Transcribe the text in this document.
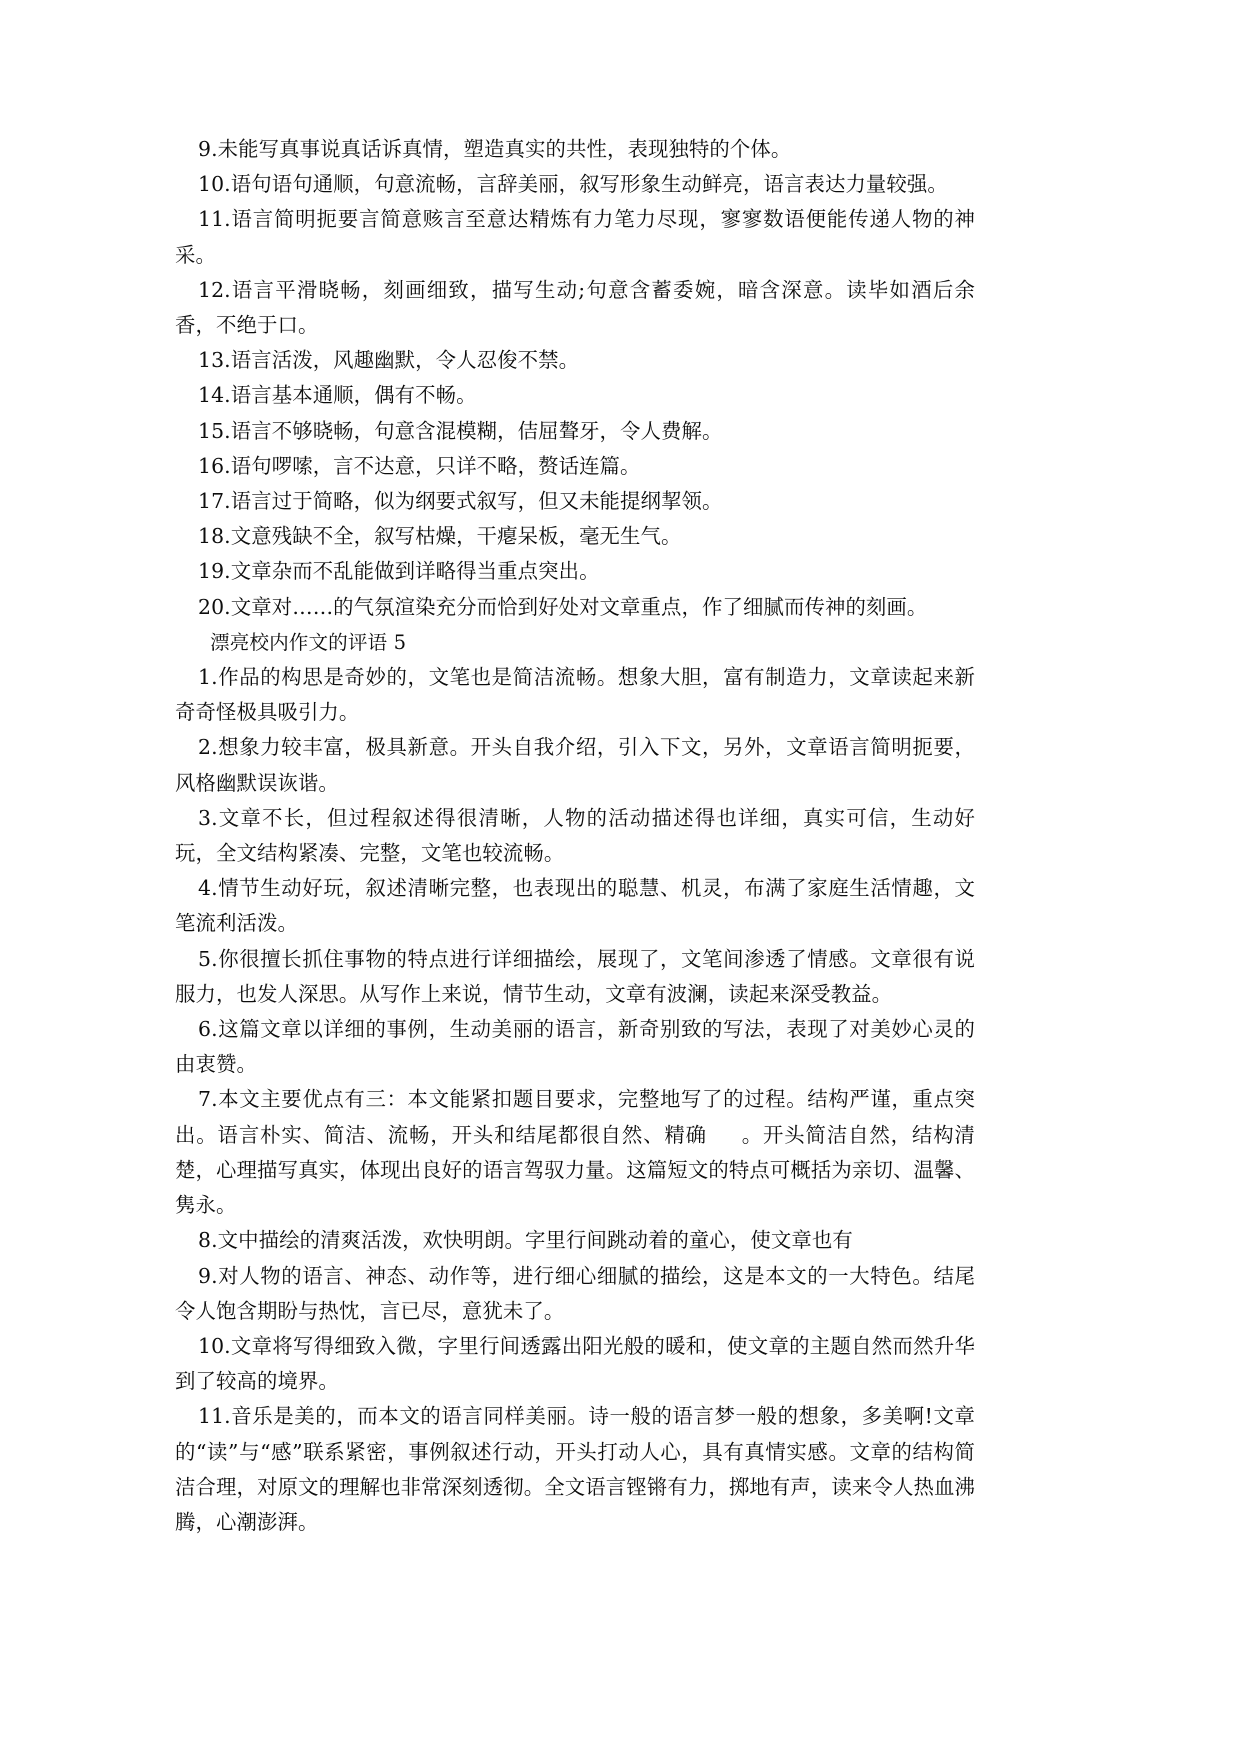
9.未能写真事说真话诉真情，塑造真实的共性，表现独特的个体。

10.语句语句通顺，句意流畅，言辞美丽，叙写形象生动鲜亮，语言表达力量较强。

11.语言简明扼要言简意赅言至意达精炼有力笔力尽现，寥寥数语便能传递人物的神采。

12.语言平滑晓畅，刻画细致，描写生动;句意含蓄委婉，暗含深意。读毕如酒后余香，不绝于口。

13.语言活泼，风趣幽默，令人忍俊不禁。

14.语言基本通顺，偶有不畅。

15.语言不够晓畅，句意含混模糊，佶屈聱牙，令人费解。

16.语句啰嗦，言不达意，只详不略，赘话连篇。

17.语言过于简略，似为纲要式叙写，但又未能提纲挈领。

18.文意残缺不全，叙写枯燥，干瘪呆板，毫无生气。

19.文章杂而不乱能做到详略得当重点突出。

20.文章对……的气氛渲染充分而恰到好处对文章重点，作了细腻而传神的刻画。

漂亮校内作文的评语 5

1.作品的构思是奇妙的，文笔也是简洁流畅。想象大胆，富有制造力，文章读起来新奇奇怪极具吸引力。

2.想象力较丰富，极具新意。开头自我介绍，引入下文，另外，文章语言简明扼要，风格幽默误诙谐。

3.文章不长，但过程叙述得很清晰，人物的活动描述得也详细，真实可信，生动好玩，全文结构紧凑、完整，文笔也较流畅。

4.情节生动好玩，叙述清晰完整，也表现出的聪慧、机灵，布满了家庭生活情趣，文笔流利活泼。

5.你很擅长抓住事物的特点进行详细描绘，展现了，文笔间渗透了情感。文章很有说服力，也发人深思。从写作上来说，情节生动，文章有波澜，读起来深受教益。

6.这篇文章以详细的事例，生动美丽的语言，新奇别致的写法，表现了对美妙心灵的由衷赞。

7.本文主要优点有三：本文能紧扣题目要求，完整地写了的过程。结构严谨，重点突出。语言朴实、简洁、流畅，开头和结尾都很自然、精确 。开头简洁自然，结构清楚，心理描写真实，体现出良好的语言驾驭力量。这篇短文的特点可概括为亲切、温馨、隽永。

8.文中描绘的清爽活泼，欢快明朗。字里行间跳动着的童心，使文章也有

9.对人物的语言、神态、动作等，进行细心细腻的描绘，这是本文的一大特色。结尾令人饱含期盼与热忱，言已尽，意犹未了。

10.文章将写得细致入微，字里行间透露出阳光般的暖和，使文章的主题自然而然升华到了较高的境界。

11.音乐是美的，而本文的语言同样美丽。诗一般的语言梦一般的想象，多美啊!文章的“读”与“感”联系紧密，事例叙述行动，开头打动人心，具有真情实感。文章的结构简洁合理，对原文的理解也非常深刻透彻。全文语言铿锵有力，掷地有声，读来令人热血沸腾，心潮澎湃。
